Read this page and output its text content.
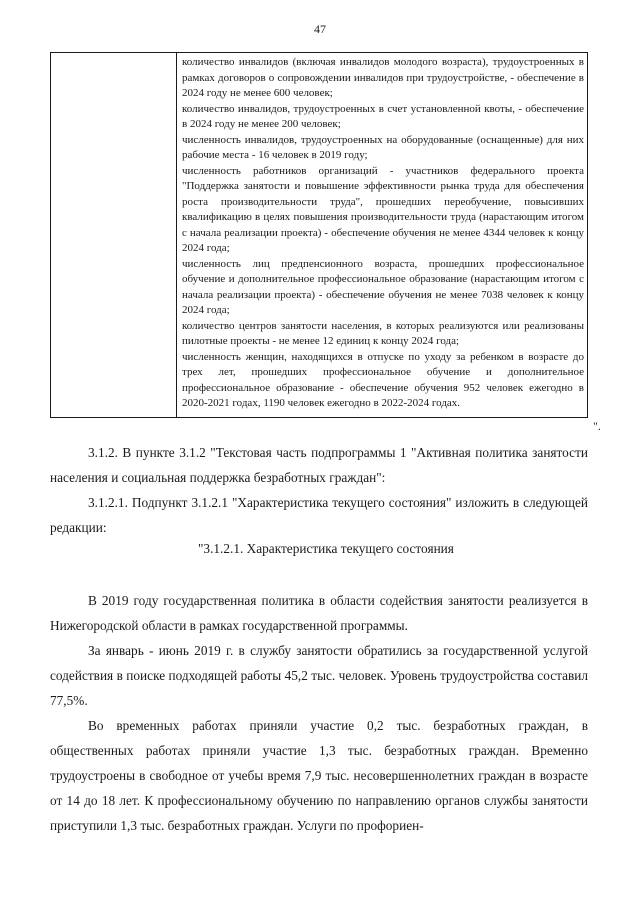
47

количество инвалидов (включая инвалидов молодого возраста), трудоустроенных в рамках договоров о сопровождении инвалидов при трудоустройстве, - обеспечение в 2024 году не менее 600 человек;

количество инвалидов, трудоустроенных в счет установленной квоты, - обеспечение в 2024 году не менее 200 человек;

численность инвалидов, трудоустроенных на оборудованные (оснащенные) для них рабочие места - 16 человек в 2019 году;

численность работников организаций - участников федерального проекта "Поддержка занятости и повышение эффективности рынка труда для обеспечения роста производительности труда", прошедших переобучение, повысивших квалификацию в целях повышения производительности труда (нарастающим итогом с начала реализации проекта) - обеспечение обучения не менее 4344 человек к концу 2024 года;

численность лиц предпенсионного возраста, прошедших профессиональное обучение и дополнительное профессиональное образование (нарастающим итогом с начала реализации проекта) - обеспечение обучения не менее 7038 человек к концу 2024 года;

количество центров занятости населения, в которых реализуются или реализованы пилотные проекты - не менее 12 единиц к концу 2024 года;

численность женщин, находящихся в отпуске по уходу за ребенком в возрасте до трех лет, прошедших профессиональное обучение и дополнительное профессиональное образование - обеспечение обучения 952 человек ежегодно в 2020-2021 годах, 1190 человек ежегодно в 2022-2024 годах.

".

3.1.2. В пункте 3.1.2 "Текстовая часть подпрограммы 1 "Активная политика занятости населения и социальная поддержка безработных граждан":

3.1.2.1. Подпункт 3.1.2.1 "Характеристика текущего состояния" изложить в следующей редакции:

"3.1.2.1. Характеристика текущего состояния

В 2019 году государственная политика в области содействия занятости реализуется в Нижегородской области в рамках государственной программы.

За январь - июнь 2019 г. в службу занятости обратились за государственной услугой содействия в поиске подходящей работы 45,2 тыс. человек. Уровень трудоустройства составил 77,5%.

Во временных работах приняли участие 0,2 тыс. безработных граждан, в общественных работах приняли участие 1,3 тыс. безработных граждан. Временно трудоустроены в свободное от учебы время 7,9 тыс. несовершеннолетних граждан в возрасте от 14 до 18 лет. К профессиональному обучению по направлению органов службы занятости приступили 1,3 тыс. безработных граждан. Услуги по профориен-
